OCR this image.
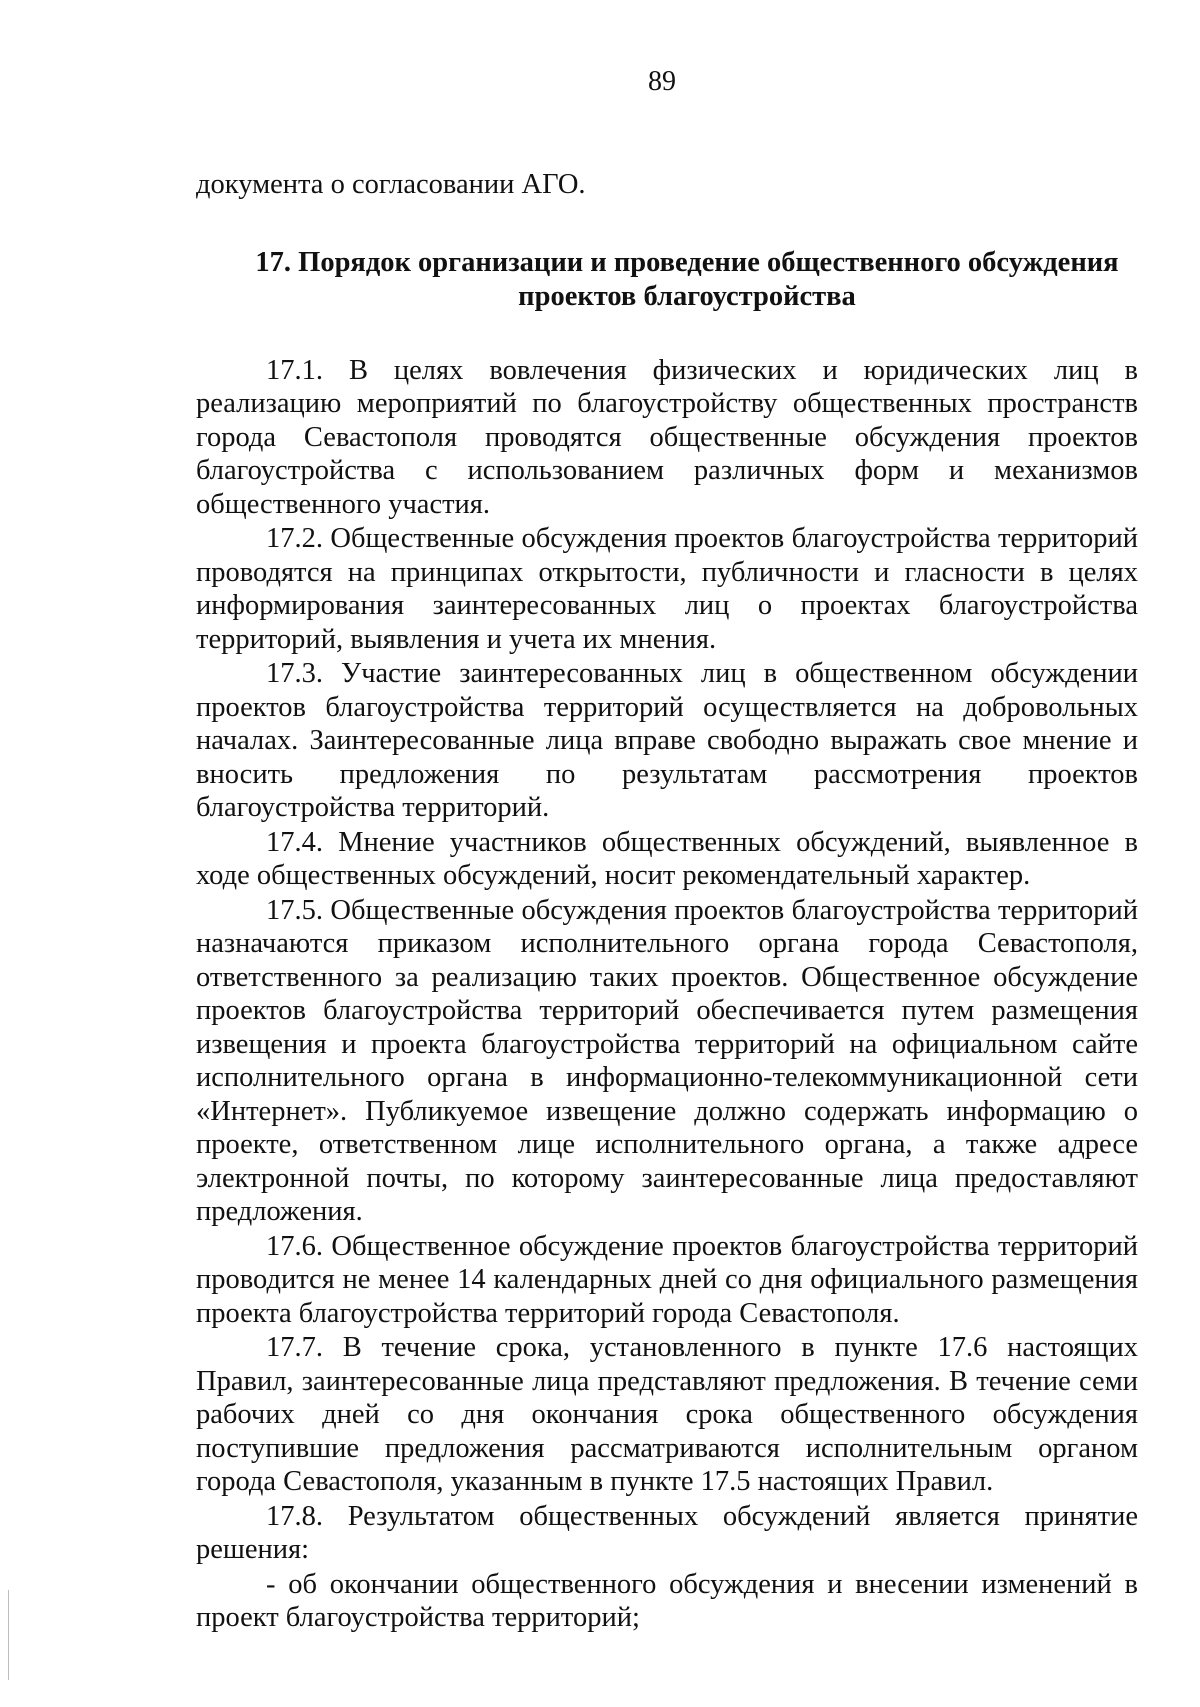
89

документа о согласовании АГО.

17. Порядок организации и проведение общественного обсуждения
проектов благоустройства

17.1. В целях вовлечения физических и юридических лиц в реализацию мероприятий по благоустройству общественных пространств города Севастополя проводятся общественные обсуждения проектов благоустройства с использованием различных форм и механизмов общественного участия.

17.2. Общественные обсуждения проектов благоустройства территорий проводятся на принципах открытости, публичности и гласности в целях информирования заинтересованных лиц о проектах благоустройства территорий, выявления и учета их мнения.

17.3. Участие заинтересованных лиц в общественном обсуждении проектов благоустройства территорий осуществляется на добровольных началах. Заинтересованные лица вправе свободно выражать свое мнение и вносить предложения по результатам рассмотрения проектов благоустройства территорий.

17.4. Мнение участников общественных обсуждений, выявленное в ходе общественных обсуждений, носит рекомендательный характер.

17.5. Общественные обсуждения проектов благоустройства территорий назначаются приказом исполнительного органа города Севастополя, ответственного за реализацию таких проектов. Общественное обсуждение проектов благоустройства территорий обеспечивается путем размещения извещения и проекта благоустройства территорий на официальном сайте исполнительного органа в информационно-телекоммуникационной сети «Интернет». Публикуемое извещение должно содержать информацию о проекте, ответственном лице исполнительного органа, а также адресе электронной почты, по которому заинтересованные лица предоставляют предложения.

17.6. Общественное обсуждение проектов благоустройства территорий проводится не менее 14 календарных дней со дня официального размещения проекта благоустройства территорий города Севастополя.

17.7. В течение срока, установленного в пункте 17.6 настоящих Правил, заинтересованные лица представляют предложения. В течение семи рабочих дней со дня окончания срока общественного обсуждения поступившие предложения рассматриваются исполнительным органом города Севастополя, указанным в пункте 17.5 настоящих Правил.

17.8. Результатом общественных обсуждений является принятие решения:

- об окончании общественного обсуждения и внесении изменений в проект благоустройства территорий;
